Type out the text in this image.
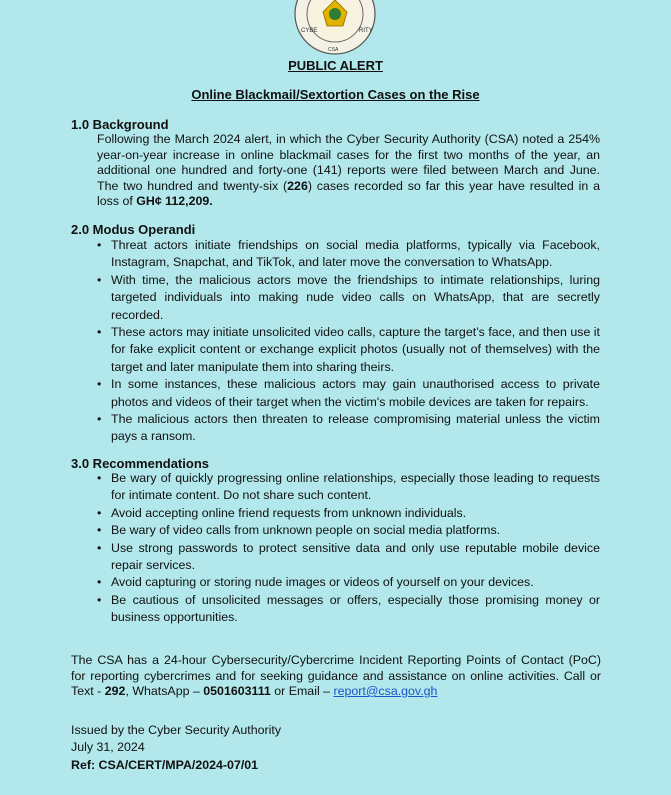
CYBE	RITY
CSA
PUBLIC ALERT
Online Blackmail/Sextortion Cases on the Rise
1.0 Background
Following the March 2024 alert, in which the Cyber Security Authority (CSA) noted a 254% year-on-year increase in online blackmail cases for the first two months of the year, an additional one hundred and forty-one (141) reports were filed between March and June. The two hundred and twenty-six (226) cases recorded so far this year have resulted in a loss of GH¢ 112,209.
2.0 Modus Operandi
• Threat actors initiate friendships on social media platforms, typically via Facebook, Instagram, Snapchat, and TikTok, and later move the conversation to WhatsApp.
• With time, the malicious actors move the friendships to intimate relationships, luring targeted individuals into making nude video calls on WhatsApp, that are secretly recorded.
• These actors may initiate unsolicited video calls, capture the target’s face, and then use it for fake explicit content or exchange explicit photos (usually not of themselves) with the target and later manipulate them into sharing theirs.
• In some instances, these malicious actors may gain unauthorised access to private photos and videos of their target when the victim's mobile devices are taken for repairs.
• The malicious actors then threaten to release compromising material unless the victim pays a ransom.
3.0 Recommendations
• Be wary of quickly progressing online relationships, especially those leading to requests for intimate content. Do not share such content.
• Avoid accepting online friend requests from unknown individuals.
• Be wary of video calls from unknown people on social media platforms.
• Use strong passwords to protect sensitive data and only use reputable mobile device repair services.
• Avoid capturing or storing nude images or videos of yourself on your devices.
• Be cautious of unsolicited messages or offers, especially those promising money or business opportunities.
The CSA has a 24-hour Cybersecurity/Cybercrime Incident Reporting Points of Contact (PoC) for reporting cybercrimes and for seeking guidance and assistance on online activities. Call or Text - 292, WhatsApp – 0501603111 or Email – report@csa.gov.gh
Issued by the Cyber Security Authority
July 31, 2024
Ref: CSA/CERT/MPA/2024-07/01
